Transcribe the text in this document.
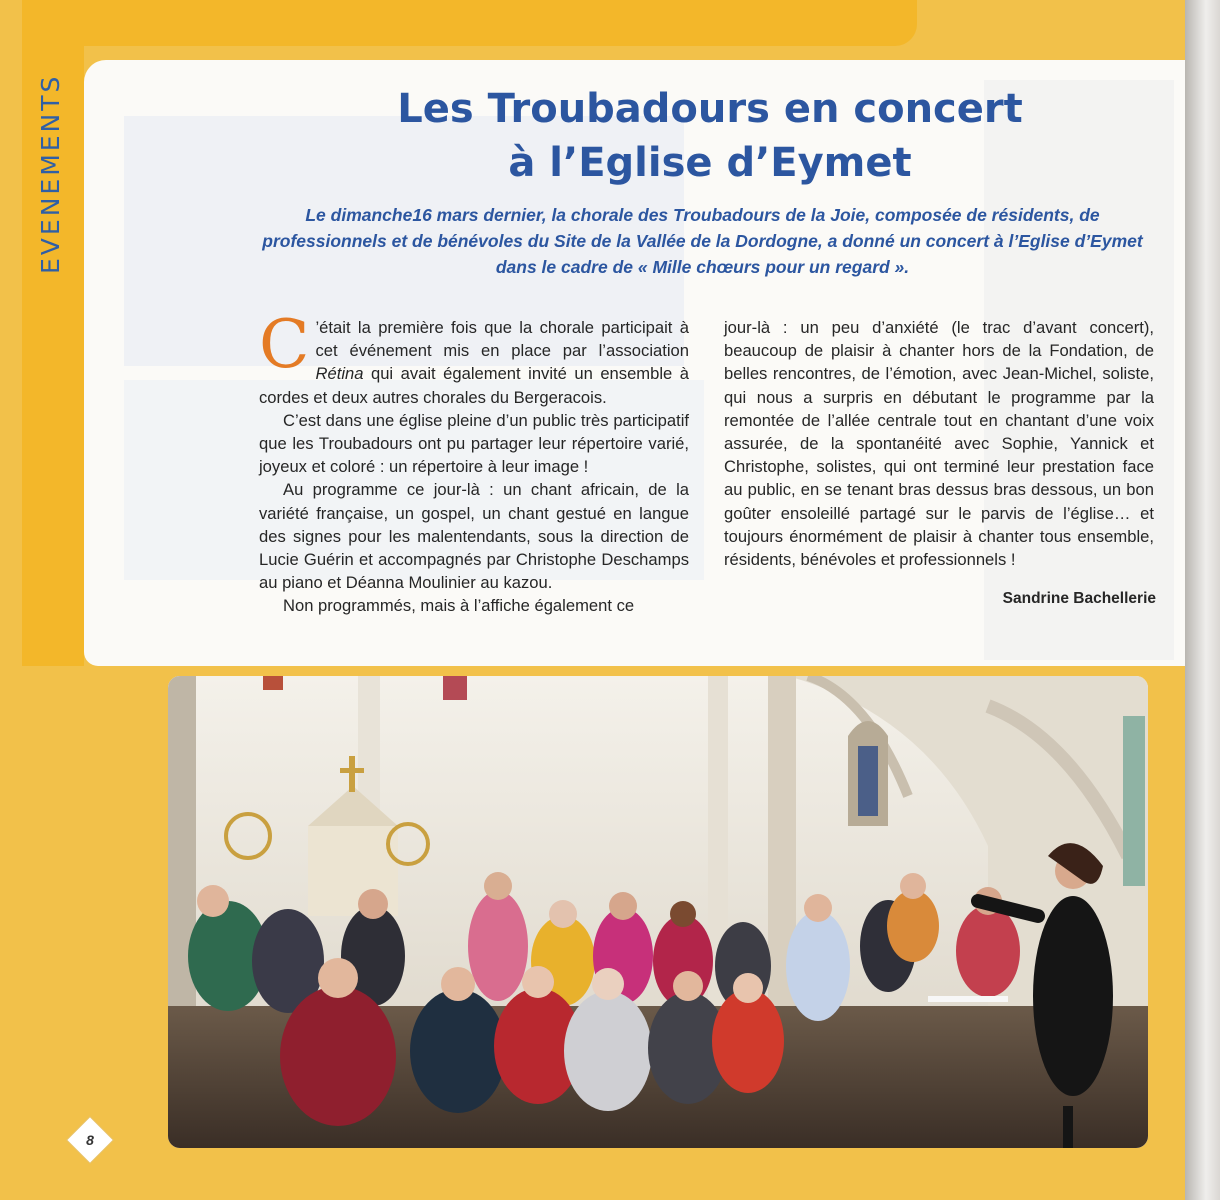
EVENEMENTS	Les Troubadours en concert
à l’Eglise d’Eymet
Le dimanche16 mars dernier, la chorale des Troubadours de la Joie, composée de résidents, de professionnels et de bénévoles du Site de la Vallée de la Dordogne, a donné un concert à l’Eglise d’Eymet dans le cadre de « Mille chœurs pour un regard ».

C ’était la première fois que la chorale participait à cet événement mis en place par l’association Rétina qui avait également invité un ensemble à cordes et deux autres chorales du Bergeracois.

C’est dans une église pleine d’un public très participatif que les Troubadours ont pu partager leur répertoire varié, joyeux et coloré : un répertoire à leur image !

Au programme ce jour-là : un chant africain, de la variété française, un gospel, un chant gestué en langue des signes pour les malentendants, sous la direction de Lucie Guérin et accompagnés par Christophe Deschamps au piano et Déanna Moulinier au kazou.

Non programmés, mais à l’affiche également ce

jour-là : un peu d’anxiété (le trac d’avant concert), beaucoup de plaisir à chanter hors de la Fondation, de belles rencontres, de l’émotion, avec Jean-Michel, soliste, qui nous a surpris en débutant le programme par la remontée de l’allée centrale tout en chantant d’une voix assurée, de la spontanéité avec Sophie, Yannick et Christophe, solistes, qui ont terminé leur prestation face au public, en se tenant bras dessus bras dessous, un bon goûter ensoleillé partagé sur le parvis de l’église… et toujours énormément de plaisir à chanter tous ensemble, résidents, bénévoles et professionnels !

Sandrine Bachellerie
8
